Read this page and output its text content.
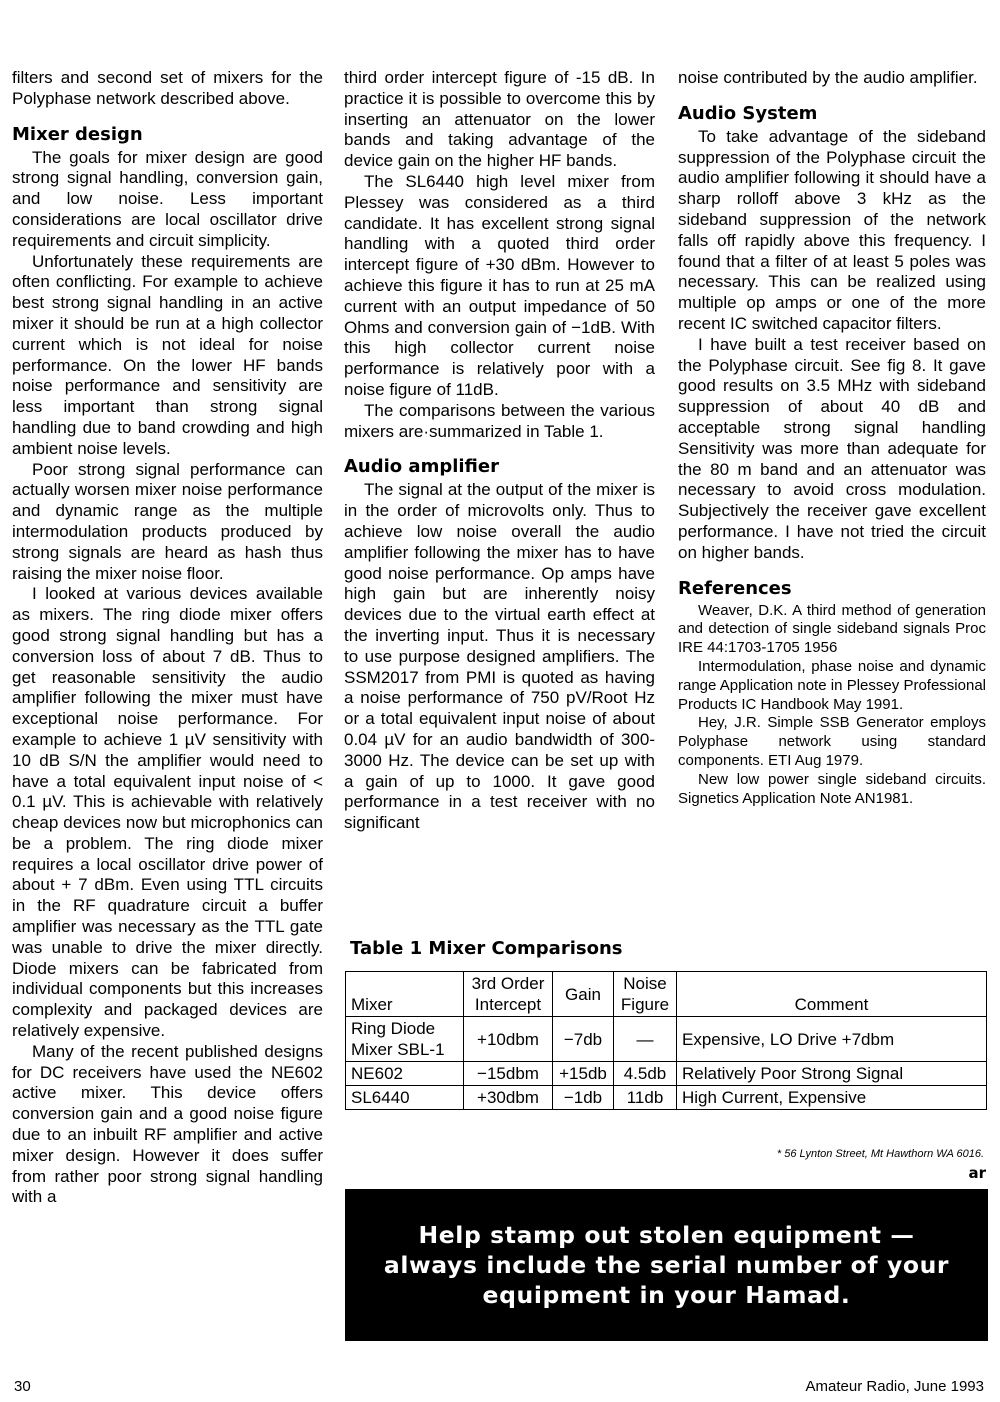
filters and second set of mixers for the Polyphase network described above.

Mixer design

The goals for mixer design are good strong signal handling, conversion gain, and low noise. Less important considerations are local oscillator drive requirements and circuit simplicity.

Unfortunately these requirements are often conflicting. For example to achieve best strong signal handling in an active mixer it should be run at a high collector current which is not ideal for noise performance. On the lower HF bands noise performance and sensitivity are less important than strong signal handling due to band crowding and high ambient noise levels.

Poor strong signal performance can actually worsen mixer noise performance and dynamic range as the multiple intermodulation products produced by strong signals are heard as hash thus raising the mixer noise floor.

I looked at various devices available as mixers. The ring diode mixer offers good strong signal handling but has a conversion loss of about 7 dB. Thus to get reasonable sensitivity the audio amplifier following the mixer must have exceptional noise performance. For example to achieve 1 µV sensitivity with 10 dB S/N the amplifier would need to have a total equivalent input noise of < 0.1 µV. This is achievable with relatively cheap devices now but microphonics can be a problem. The ring diode mixer requires a local oscillator drive power of about + 7 dBm. Even using TTL circuits in the RF quadrature circuit a buffer amplifier was necessary as the TTL gate was unable to drive the mixer directly. Diode mixers can be fabricated from individual components but this increases complexity and packaged devices are relatively expensive.

Many of the recent published designs for DC receivers have used the NE602 active mixer. This device offers conversion gain and a good noise figure due to an inbuilt RF amplifier and active mixer design. However it does suffer from rather poor strong signal handling with a

third order intercept figure of -15 dB. In practice it is possible to overcome this by inserting an attenuator on the lower bands and taking advantage of the device gain on the higher HF bands.

The SL6440 high level mixer from Plessey was considered as a third candidate. It has excellent strong signal handling with a quoted third order intercept figure of +30 dBm. However to achieve this figure it has to run at 25 mA current with an output impedance of 50 Ohms and conversion gain of −1dB. With this high collector current noise performance is relatively poor with a noise figure of 11dB.

The comparisons between the various mixers are·summarized in Table 1.

Audio amplifier

The signal at the output of the mixer is in the order of microvolts only. Thus to achieve low noise overall the audio amplifier following the mixer has to have good noise performance. Op amps have high gain but are inherently noisy devices due to the virtual earth effect at the inverting input. Thus it is necessary to use purpose designed amplifiers. The SSM2017 from PMI is quoted as having a noise performance of 750 pV/Root Hz or a total equivalent input noise of about 0.04 µV for an audio bandwidth of 300-3000 Hz. The device can be set up with a gain of up to 1000. It gave good performance in a test receiver with no significant

noise contributed by the audio amplifier.

Audio System

To take advantage of the sideband suppression of the Polyphase circuit the audio amplifier following it should have a sharp rolloff above 3 kHz as the sideband suppression of the network falls off rapidly above this frequency. I found that a filter of at least 5 poles was necessary. This can be realized using multiple op amps or one of the more recent IC switched capacitor filters.

I have built a test receiver based on the Polyphase circuit. See fig 8. It gave good results on 3.5 MHz with sideband suppression of about 40 dB and acceptable strong signal handling Sensitivity was more than adequate for the 80 m band and an attenuator was necessary to avoid cross modulation. Subjectively the receiver gave excellent performance. I have not tried the circuit on higher bands.

References

Weaver, D.K. A third method of generation and detection of single sideband signals Proc IRE 44:1703-1705 1956

Intermodulation, phase noise and dynamic range Application note in Plessey Professional Products IC Handbook May 1991.

Hey, J.R. Simple SSB Generator employs Polyphase network using standard components. ETI Aug 1979.

New low power single sideband circuits. Signetics Application Note AN1981.

Table 1 Mixer Comparisons
Mixer	3rd Order Intercept	Gain	Noise Figure	Comment
Ring Diode Mixer SBL-1	+10dbm	−7db	—	Expensive, LO Drive +7dbm
NE602	−15dbm	+15db	4.5db	Relatively Poor Strong Signal
SL6440	+30dbm	−1db	11db	High Current, Expensive
* 56 Lynton Street, Mt Hawthorn WA 6016.
ar

Help stamp out stolen equipment —
always include the serial number of your
equipment in your Hamad.

30	Amateur Radio, June 1993
